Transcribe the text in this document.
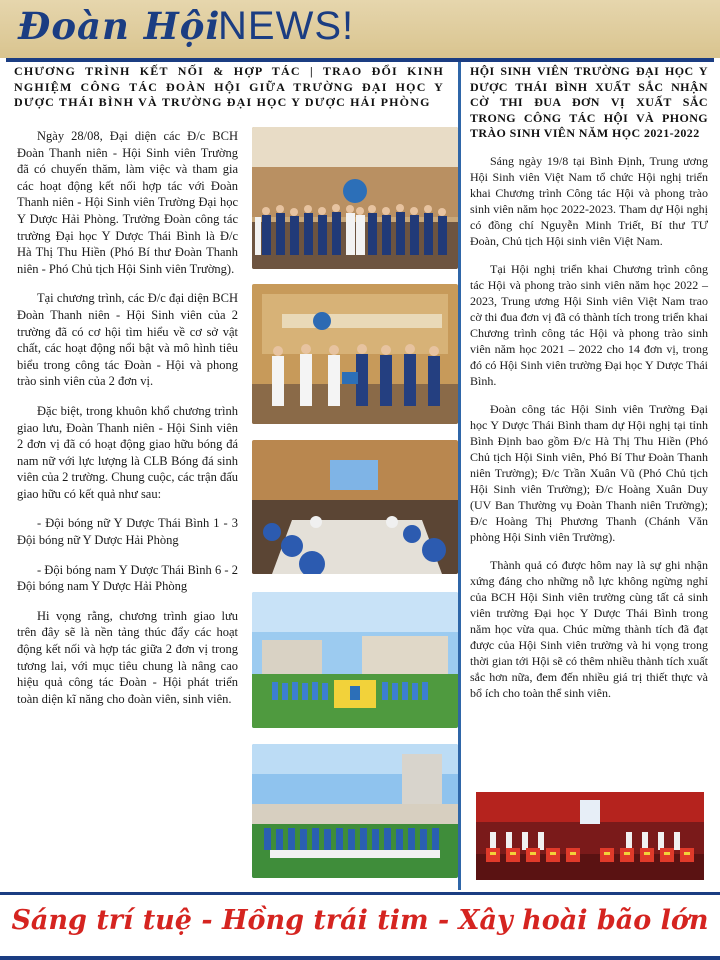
Đoàn Hội
NEWS!
CHƯƠNG TRÌNH KẾT NỐI & HỢP TÁC | TRAO ĐỔI KINH NGHIỆM CÔNG TÁC ĐOÀN HỘI GIỮA TRƯỜNG ĐẠI HỌC Y DƯỢC THÁI BÌNH VÀ TRƯỜNG ĐẠI HỌC Y DƯỢC HẢI PHÒNG
HỘI SINH VIÊN TRƯỜNG ĐẠI HỌC Y DƯỢC THÁI BÌNH XUẤT SẮC NHẬN CỜ THI ĐUA ĐƠN VỊ XUẤT SẮC TRONG CÔNG TÁC HỘI VÀ PHONG TRÀO SINH VIÊN NĂM HỌC 2021-2022

Ngày 28/08, Đại diện các Đ/c BCH Đoàn Thanh niên - Hội Sinh viên Trường đã có chuyến thăm, làm việc và tham gia các hoạt động kết nối hợp tác với Đoàn Thanh niên - Hội Sinh viên Trường Đại học Y Dược Hải Phòng. Trưởng Đoàn công tác trường Đại học Y Dược Thái Bình là Đ/c Hà Thị Thu Hiền (Phó Bí thư Đoàn Thanh niên - Phó Chủ tịch Hội Sinh viên Trường).

Tại chương trình, các Đ/c đại diện BCH Đoàn Thanh niên - Hội Sinh viên của 2 trường đã có cơ hội tìm hiểu về cơ sở vật chất, các hoạt động nổi bật và mô hình tiêu biểu trong công tác Đoàn - Hội và phong trào sinh viên của 2 đơn vị.

Đặc biệt, trong khuôn khổ chương trình giao lưu, Đoàn Thanh niên - Hội Sinh viên 2 đơn vị đã có hoạt động giao hữu bóng đá nam nữ với lực lượng là CLB Bóng đá sinh viên của 2 trường. Chung cuộc, các trận đấu giao hữu có kết quả như sau:

- Đội bóng nữ Y Dược Thái Bình 1 - 3 Đội bóng nữ Y Dược Hải Phòng

- Đội bóng nam Y Dược Thái Bình 6 - 2 Đội bóng nam Y Dược Hải Phòng

Hi vọng rằng, chương trình giao lưu trên đây sẽ là nền tảng thúc đẩy các hoạt động kết nối và hợp tác giữa 2 đơn vị trong tương lai, với mục tiêu chung là nâng cao hiệu quả công tác Đoàn - Hội phát triển toàn diện kĩ năng cho đoàn viên, sinh viên.

Sáng ngày 19/8 tại Bình Định, Trung ương Hội Sinh viên Việt Nam tổ chức Hội nghị triển khai Chương trình Công tác Hội và phong trào sinh viên năm học 2022-2023. Tham dự Hội nghị có đồng chí Nguyễn Minh Triết, Bí thư TƯ Đoàn, Chủ tịch Hội sinh viên Việt Nam.

Tại Hội nghị triển khai Chương trình công tác Hội và phong trào sinh viên năm học 2022 – 2023, Trung ương Hội Sinh viên Việt Nam trao cờ thi đua đơn vị đã có thành tích trong triển khai Chương trình công tác Hội và phong trào sinh viên năm học 2021 – 2022 cho 14 đơn vị, trong đó có Hội Sinh viên trường Đại học Y Dược Thái Bình.

Đoàn công tác Hội Sinh viên Trường Đại học Y Dược Thái Bình tham dự Hội nghị tại tỉnh Bình Định bao gồm Đ/c Hà Thị Thu Hiền (Phó Chủ tịch Hội Sinh viên, Phó Bí Thư Đoàn Thanh niên Trường); Đ/c Trần Xuân Vũ (Phó Chủ tịch Hội Sinh viên Trường); Đ/c Hoàng Xuân Duy (UV Ban Thường vụ Đoàn Thanh niên Trường); Đ/c Hoàng Thị Phương Thanh (Chánh Văn phòng Hội Sinh viên Trường).

Thành quả có được hôm nay là sự ghi nhận xứng đáng cho những nỗ lực không ngừng nghỉ của BCH Hội Sinh viên trường cùng tất cả sinh viên trường Đại học Y Dược Thái Bình trong năm học vừa qua. Chúc mừng thành tích đã đạt được của Hội Sinh viên trường và hi vọng trong thời gian tới Hội sẽ có thêm nhiều thành tích xuất sắc hơn nữa, đem đến nhiều giá trị thiết thực và bổ ích cho toàn thể sinh viên.

Sáng trí tuệ - Hồng trái tim - Xây hoài bão lớn
